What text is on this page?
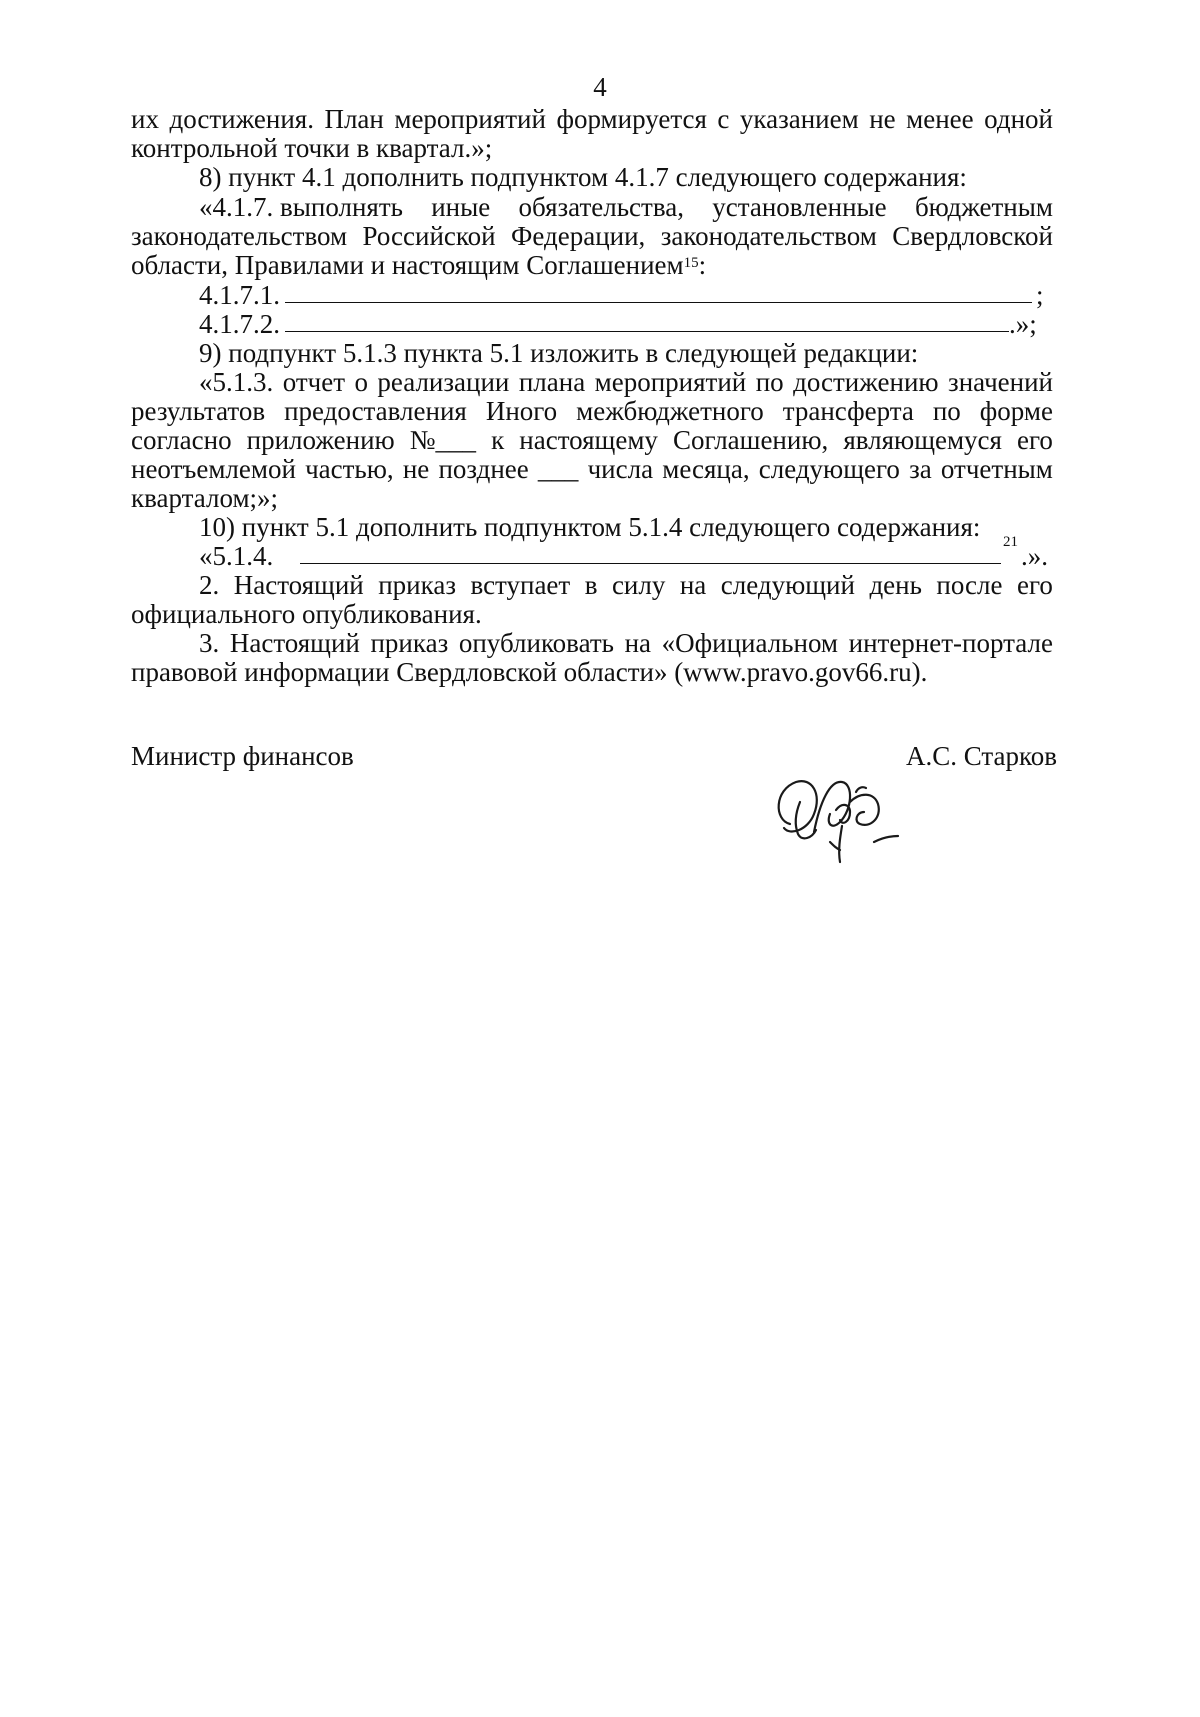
4
их достижения. План мероприятий формируется с указанием не менее одной
контрольной точки в квартал.»;
8) пункт 4.1 дополнить подпунктом 4.1.7 следующего содержания:
«4.1.7. выполнять иные обязательства, установленные бюджетным
законодательством Российской Федерации, законодательством Свердловской
области, Правилами и настоящим Соглашением$^{15}$:
4.1.7.1.	;
4.1.7.2.	.»;
9) подпункт 5.1.3 пункта 5.1 изложить в следующей редакции:
«5.1.3. отчет о реализации плана мероприятий по достижению значений
результатов предоставления Иного межбюджетного трансферта по форме
согласно приложению №___ к настоящему Соглашению, являющемуся его
неотъемлемой частью, не позднее ___ числа месяца, следующего за отчетным
кварталом;»;
10) пункт 5.1 дополнить подпунктом 5.1.4 следующего содержания:
«5.1.4.	21 .».
2. Настоящий приказ вступает в силу на следующий день после его
официального опубликования.
3. Настоящий приказ опубликовать на «Официальном интернет-портале
правовой информации Свердловской области» (www.pravo.gov66.ru).
Министр финансов	А.С. Старков
